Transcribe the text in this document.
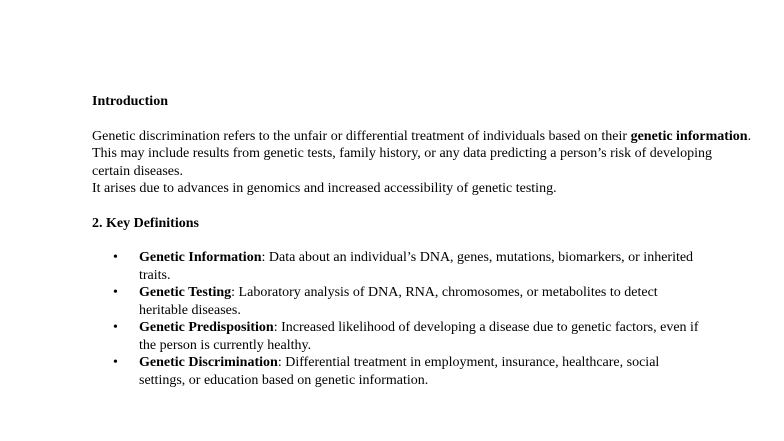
Introduction

Genetic discrimination refers to the unfair or differential treatment of individuals based on their genetic information. This may include results from genetic tests, family history, or any data predicting a person’s risk of developing certain diseases.

It arises due to advances in genomics and increased accessibility of genetic testing.

2. Key Definitions

• Genetic Information: Data about an individual’s DNA, genes, mutations, biomarkers, or inherited traits.
• Genetic Testing: Laboratory analysis of DNA, RNA, chromosomes, or metabolites to detect heritable diseases.
• Genetic Predisposition: Increased likelihood of developing a disease due to genetic factors, even if the person is currently healthy.
• Genetic Discrimination: Differential treatment in employment, insurance, healthcare, social settings, or education based on genetic information.
